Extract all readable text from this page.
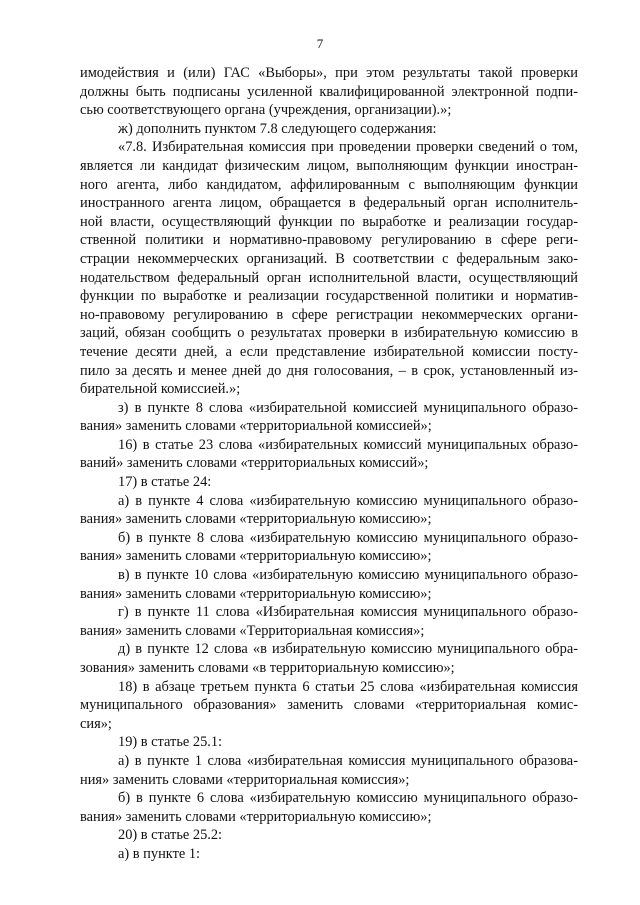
7
имодействия и (или) ГАС «Выборы», при этом результаты такой проверки
должны быть подписаны усиленной квалифицированной электронной подпи-
сью соответствующего органа (учреждения, организации).»;
ж) дополнить пунктом 7.8 следующего содержания:
«7.8. Избирательная комиссия при проведении проверки сведений о том,
является ли кандидат физическим лицом, выполняющим функции иностран-
ного агента, либо кандидатом, аффилированным с выполняющим функции
иностранного агента лицом, обращается в федеральный орган исполнитель-
ной власти, осуществляющий функции по выработке и реализации государ-
ственной политики и нормативно-правовому регулированию в сфере реги-
страции некоммерческих организаций. В соответствии с федеральным зако-
нодательством федеральный орган исполнительной власти, осуществляющий
функции по выработке и реализации государственной политики и норматив-
но-правовому регулированию в сфере регистрации некоммерческих органи-
заций, обязан сообщить о результатах проверки в избирательную комиссию в
течение десяти дней, а если представление избирательной комиссии посту-
пило за десять и менее дней до дня голосования, – в срок, установленный из-
бирательной комиссией.»;
з) в пункте 8 слова «избирательной комиссией муниципального образо-
вания» заменить словами «территориальной комиссией»;
16) в статье 23 слова «избирательных комиссий муниципальных образо-
ваний» заменить словами «территориальных комиссий»;
17) в статье 24:
а) в пункте 4 слова «избирательную комиссию муниципального образо-
вания» заменить словами «территориальную комиссию»;
б) в пункте 8 слова «избирательную комиссию муниципального образо-
вания» заменить словами «территориальную комиссию»;
в) в пункте 10 слова «избирательную комиссию муниципального образо-
вания» заменить словами «территориальную комиссию»;
г) в пункте 11 слова «Избирательная комиссия муниципального образо-
вания» заменить словами «Территориальная комиссия»;
д) в пункте 12 слова «в избирательную комиссию муниципального обра-
зования» заменить словами «в территориальную комиссию»;
18) в абзаце третьем пункта 6 статьи 25 слова «избирательная комиссия
муниципального образования» заменить словами «территориальная комис-
сия»;
19) в статье 25.1:
а) в пункте 1 слова «избирательная комиссия муниципального образова-
ния» заменить словами «территориальная комиссия»;
б) в пункте 6 слова «избирательную комиссию муниципального образо-
вания» заменить словами «территориальную комиссию»;
20) в статье 25.2:
а) в пункте 1:
